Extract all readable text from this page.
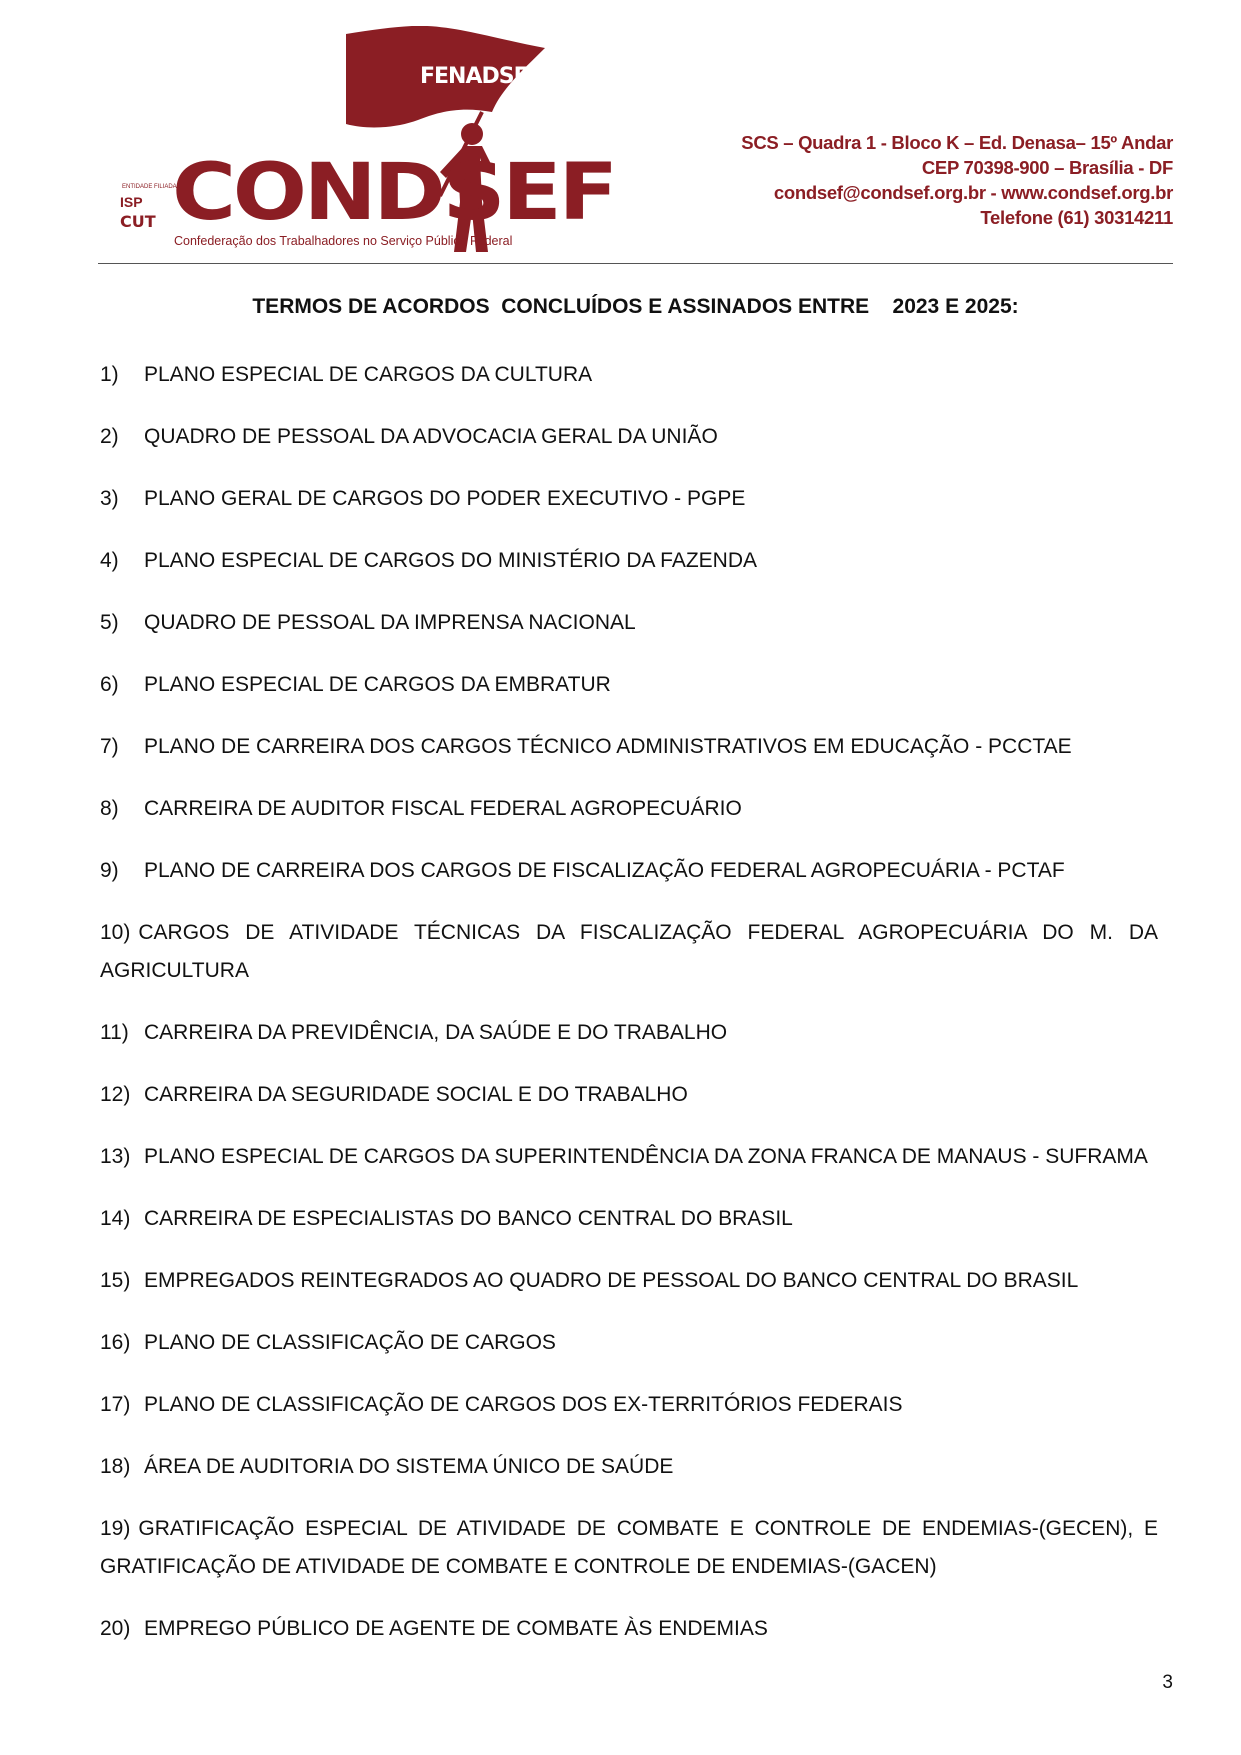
FENADSEF
ENTIDADE FILIADA
ISP
CUT CONDSEF
Confederação dos Trabalhadores no Serviço Público Federal
SCS – Quadra 1 - Bloco K – Ed. Denasa– 15º Andar
CEP 70398-900 – Brasília - DF
condsef@condsef.org.br - www.condsef.org.br
Telefone (61) 30314211
TERMOS DE ACORDOS  CONCLUÍDOS E ASSINADOS ENTRE    2023 E 2025:
1) PLANO ESPECIAL DE CARGOS DA CULTURA
2) QUADRO DE PESSOAL DA ADVOCACIA GERAL DA UNIÃO
3) PLANO GERAL DE CARGOS DO PODER EXECUTIVO - PGPE
4) PLANO ESPECIAL DE CARGOS DO MINISTÉRIO DA FAZENDA
5) QUADRO DE PESSOAL DA IMPRENSA NACIONAL
6) PLANO ESPECIAL DE CARGOS DA EMBRATUR
7) PLANO DE CARREIRA DOS CARGOS TÉCNICO ADMINISTRATIVOS EM EDUCAÇÃO - PCCTAE
8) CARREIRA DE AUDITOR FISCAL FEDERAL AGROPECUÁRIO
9) PLANO DE CARREIRA DOS CARGOS DE FISCALIZAÇÃO FEDERAL AGROPECUÁRIA - PCTAF
10) CARGOS DE ATIVIDADE TÉCNICAS DA FISCALIZAÇÃO FEDERAL AGROPECUÁRIA DO M. DA AGRICULTURA
11) CARREIRA DA PREVIDÊNCIA, DA SAÚDE E DO TRABALHO
12) CARREIRA DA SEGURIDADE SOCIAL E DO TRABALHO
13) PLANO ESPECIAL DE CARGOS DA SUPERINTENDÊNCIA DA ZONA FRANCA DE MANAUS - SUFRAMA
14) CARREIRA DE ESPECIALISTAS DO BANCO CENTRAL DO BRASIL
15) EMPREGADOS REINTEGRADOS AO QUADRO DE PESSOAL DO BANCO CENTRAL DO BRASIL
16) PLANO DE CLASSIFICAÇÃO DE CARGOS
17) PLANO DE CLASSIFICAÇÃO DE CARGOS DOS EX-TERRITÓRIOS FEDERAIS
18) ÁREA DE AUDITORIA DO SISTEMA ÚNICO DE SAÚDE
19) GRATIFICAÇÃO ESPECIAL DE ATIVIDADE DE COMBATE E CONTROLE DE ENDEMIAS-(GECEN), E GRATIFICAÇÃO DE ATIVIDADE DE COMBATE E CONTROLE DE ENDEMIAS-(GACEN)
20) EMPREGO PÚBLICO DE AGENTE DE COMBATE ÀS ENDEMIAS
3
